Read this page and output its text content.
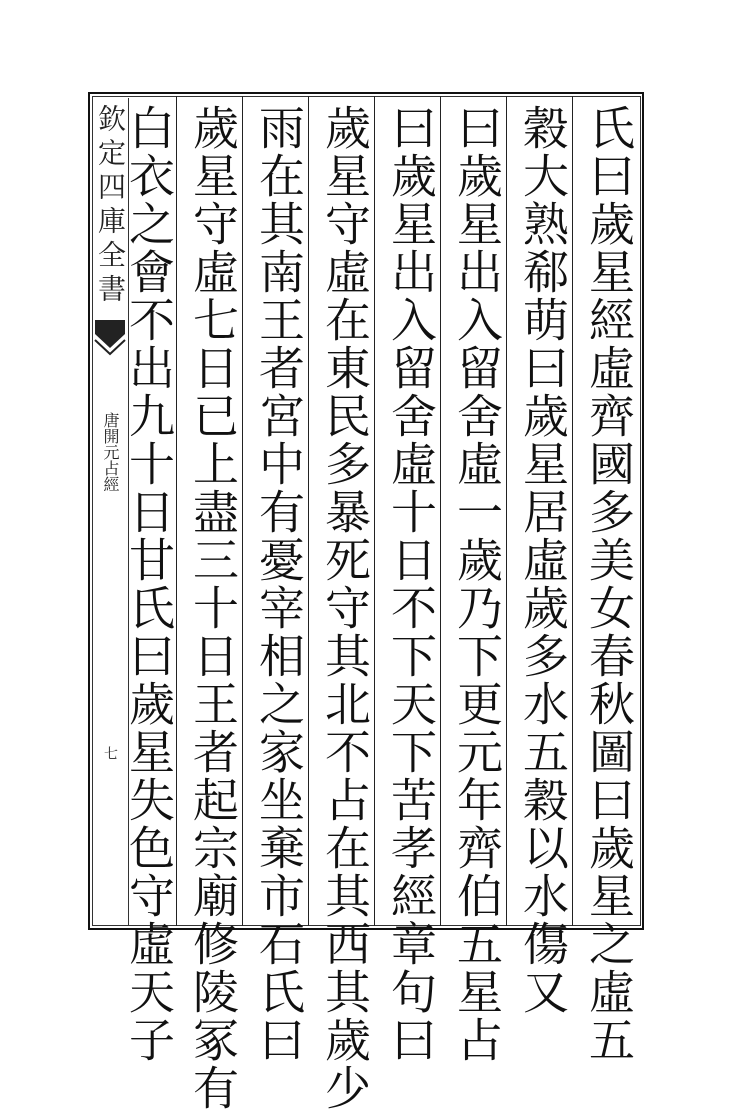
欽定四庫全書
唐開元占經
七
氏曰歲星經虛齊國多美女春秋圖曰歲星之虛五
穀大熟郗萌曰歲星居虛歲多水五穀以水傷又
曰歲星出入留舍虛一歲乃下更元年齊伯五星占
曰歲星出入留舍虛十日不下天下苦孝經章句曰
歲星守虛在東民多暴死守其北不占在其西其歲少
雨在其南王者宮中有憂宰相之家坐棄市石氏曰
歲星守虛七日已上盡三十日王者起宗廟修陵冢有
白衣之會不出九十日甘氏曰歲星失色守虛天子
